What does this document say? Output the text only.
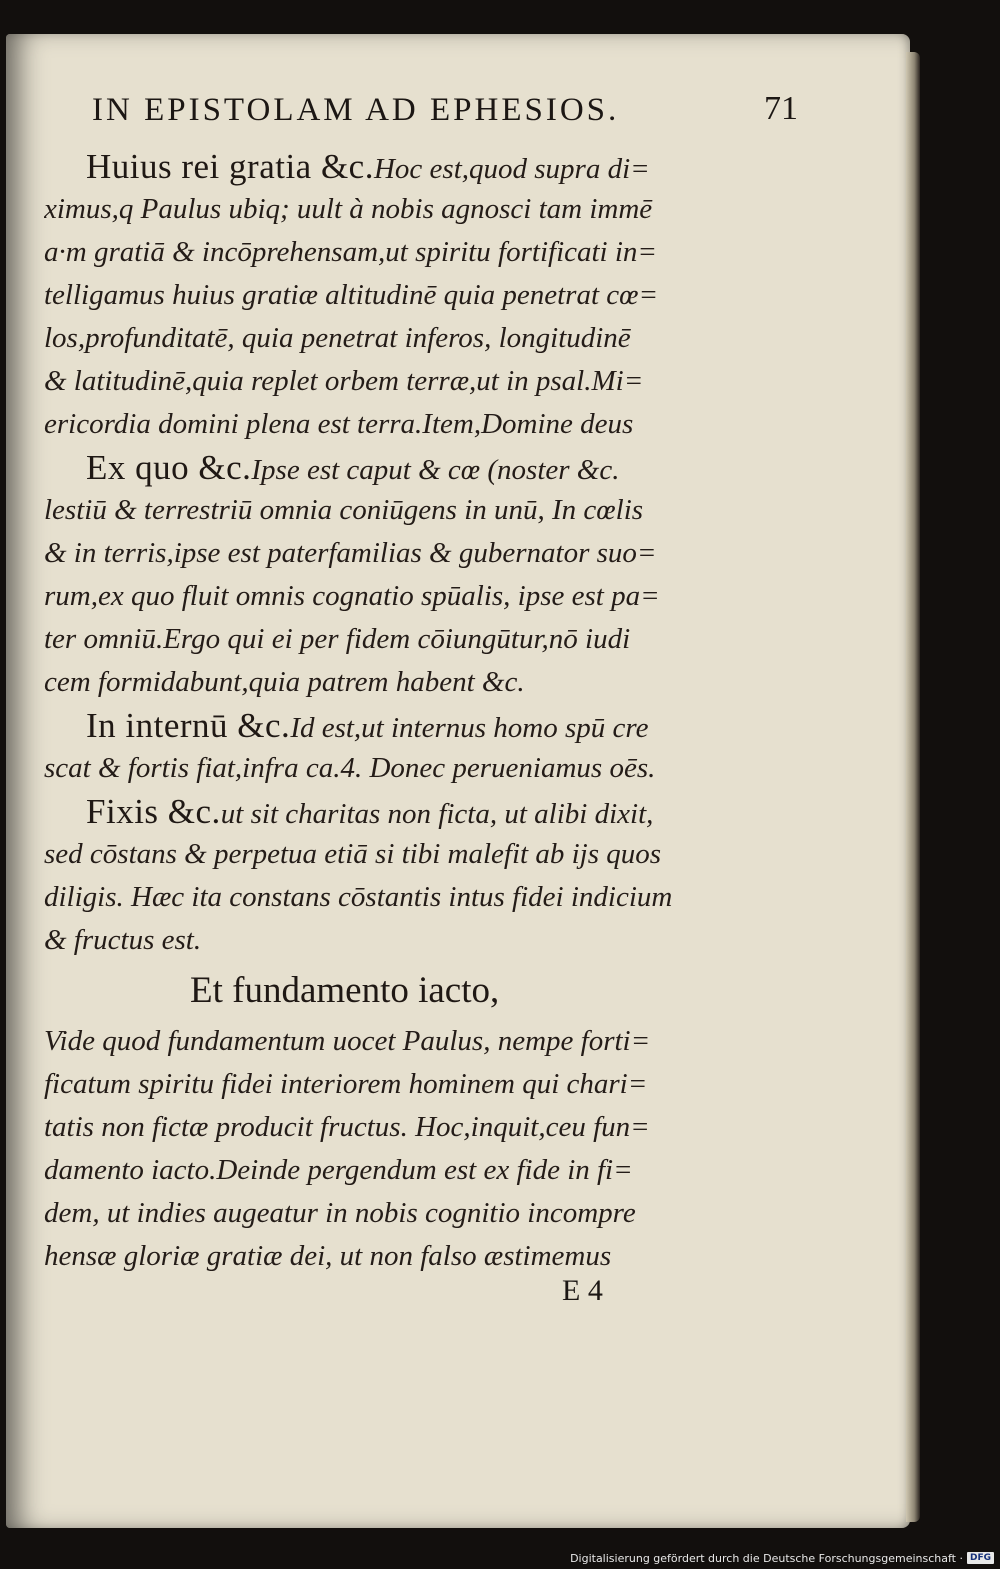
IN EPISTOLAM AD EPHESIOS.	71
Huius rei gratia &c.Hoc est,quod supra di=
ximus,q Paulus ubiq; uult à nobis agnosci tam immē
a·m gratiā & incōprehensam,ut spiritu fortificati in=
telligamus huius gratiæ altitudinē quia penetrat cœ=
los,profunditatē, quia penetrat inferos, longitudinē
& latitudinē,quia replet orbem terræ,ut in psal.Mi=
ericordia domini plena est terra.Item,Domine deus
Ex quo &c.Ipse est caput & cœ (noster &c.
lestiū & terrestriū omnia coniūgens in unū, In cœlis
& in terris,ipse est paterfamilias & gubernator suo=
rum,ex quo fluit omnis cognatio spūalis, ipse est pa=
ter omniū.Ergo qui ei per fidem cōiungūtur,nō iudi
cem formidabunt,quia patrem habent &c.
In internū &c.Id est,ut internus homo spū cre
scat & fortis fiat,infra ca.4. Donec perueniamus oēs.
Fixis &c.ut sit charitas non ficta, ut alibi dixit,
sed cōstans & perpetua etiā si tibi malefit ab ijs quos
diligis. Hæc ita constans cōstantis intus fidei indicium
& fructus est.
Et fundamento iacto,
Vide quod fundamentum uocet Paulus, nempe forti=
ficatum spiritu fidei interiorem hominem qui chari=
tatis non fictæ producit fructus. Hoc,inquit,ceu fun=
damento iacto.Deinde pergendum est ex fide in fi=
dem, ut indies augeatur in nobis cognitio incompre
hensæ gloriæ gratiæ dei, ut non falso æstimemus
E 4
Digitalisierung gefördert durch die Deutsche Forschungsgemeinschaft · DFG
